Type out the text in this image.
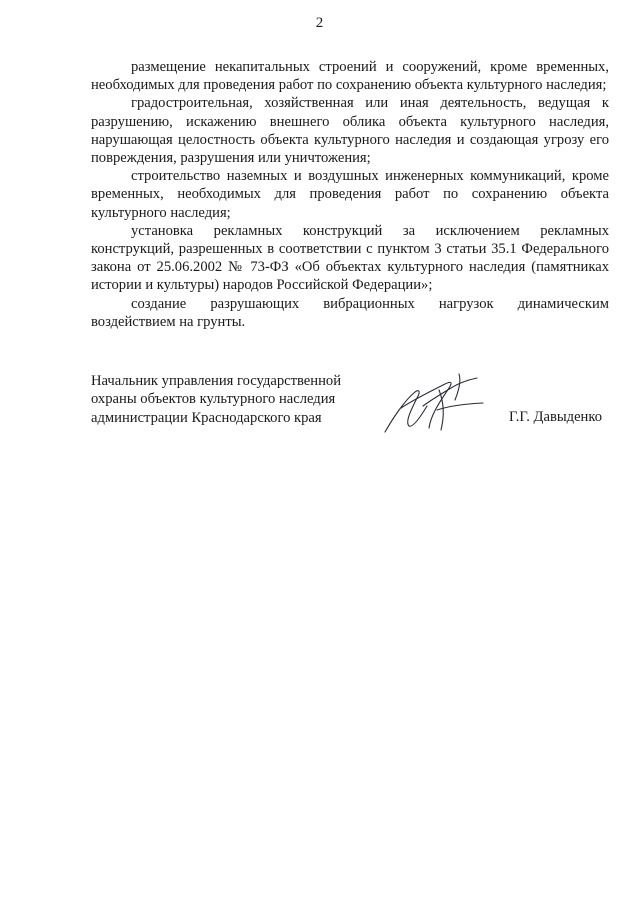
2

размещение некапитальных строений и сооружений, кроме временных, необходимых для проведения работ по сохранению объекта культурного наследия;

градостроительная, хозяйственная или иная деятельность, ведущая к разрушению, искажению внешнего облика объекта культурного наследия, нарушающая целостность объекта культурного наследия и создающая угрозу его повреждения, разрушения или уничтожения;

строительство наземных и воздушных инженерных коммуникаций, кроме временных, необходимых для проведения работ по сохранению объекта культурного наследия;

установка рекламных конструкций за исключением рекламных конструкций, разрешенных в соответствии с пунктом 3 статьи 35.1 Федерального закона от 25.06.2002 № 73-ФЗ «Об объектах культурного наследия (памятниках истории и культуры) народов Российской Федерации»;

создание разрушающих вибрационных нагрузок динамическим воздействием на грунты.

Начальник управления государственной
охраны объектов культурного наследия
администрации Краснодарского края	Г.Г. Давыденко
